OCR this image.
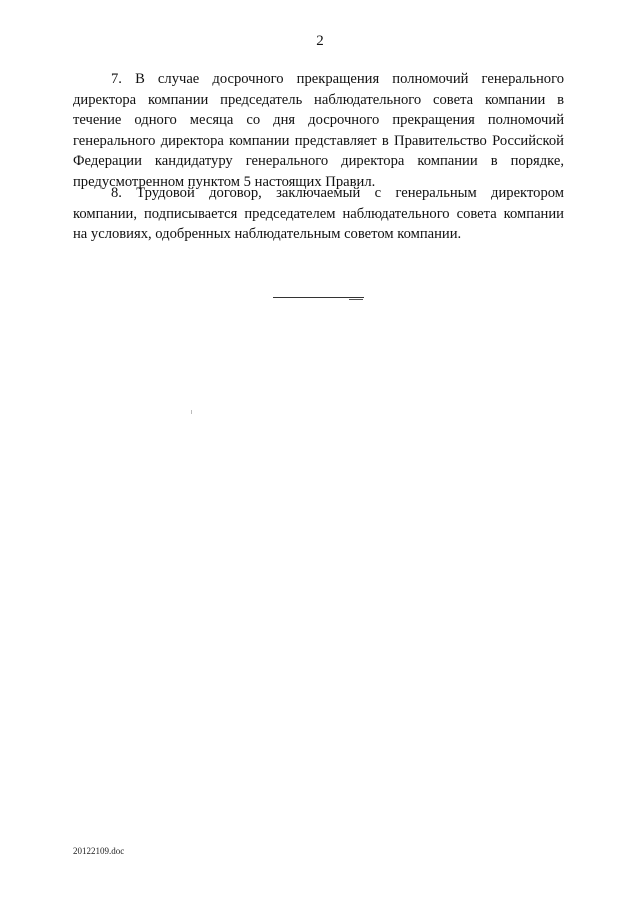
2

7. В случае досрочного прекращения полномочий генерального директора компании председатель наблюдательного совета компании в течение одного месяца со дня досрочного прекращения полномочий генерального директора компании представляет в Правительство Российской Федерации кандидатуру генерального директора компании в порядке, предусмотренном пунктом 5 настоящих Правил.

8. Трудовой договор, заключаемый с генеральным директором компании, подписывается председателем наблюдательного совета компании на условиях, одобренных наблюдательным советом компании.

20122109.doc
